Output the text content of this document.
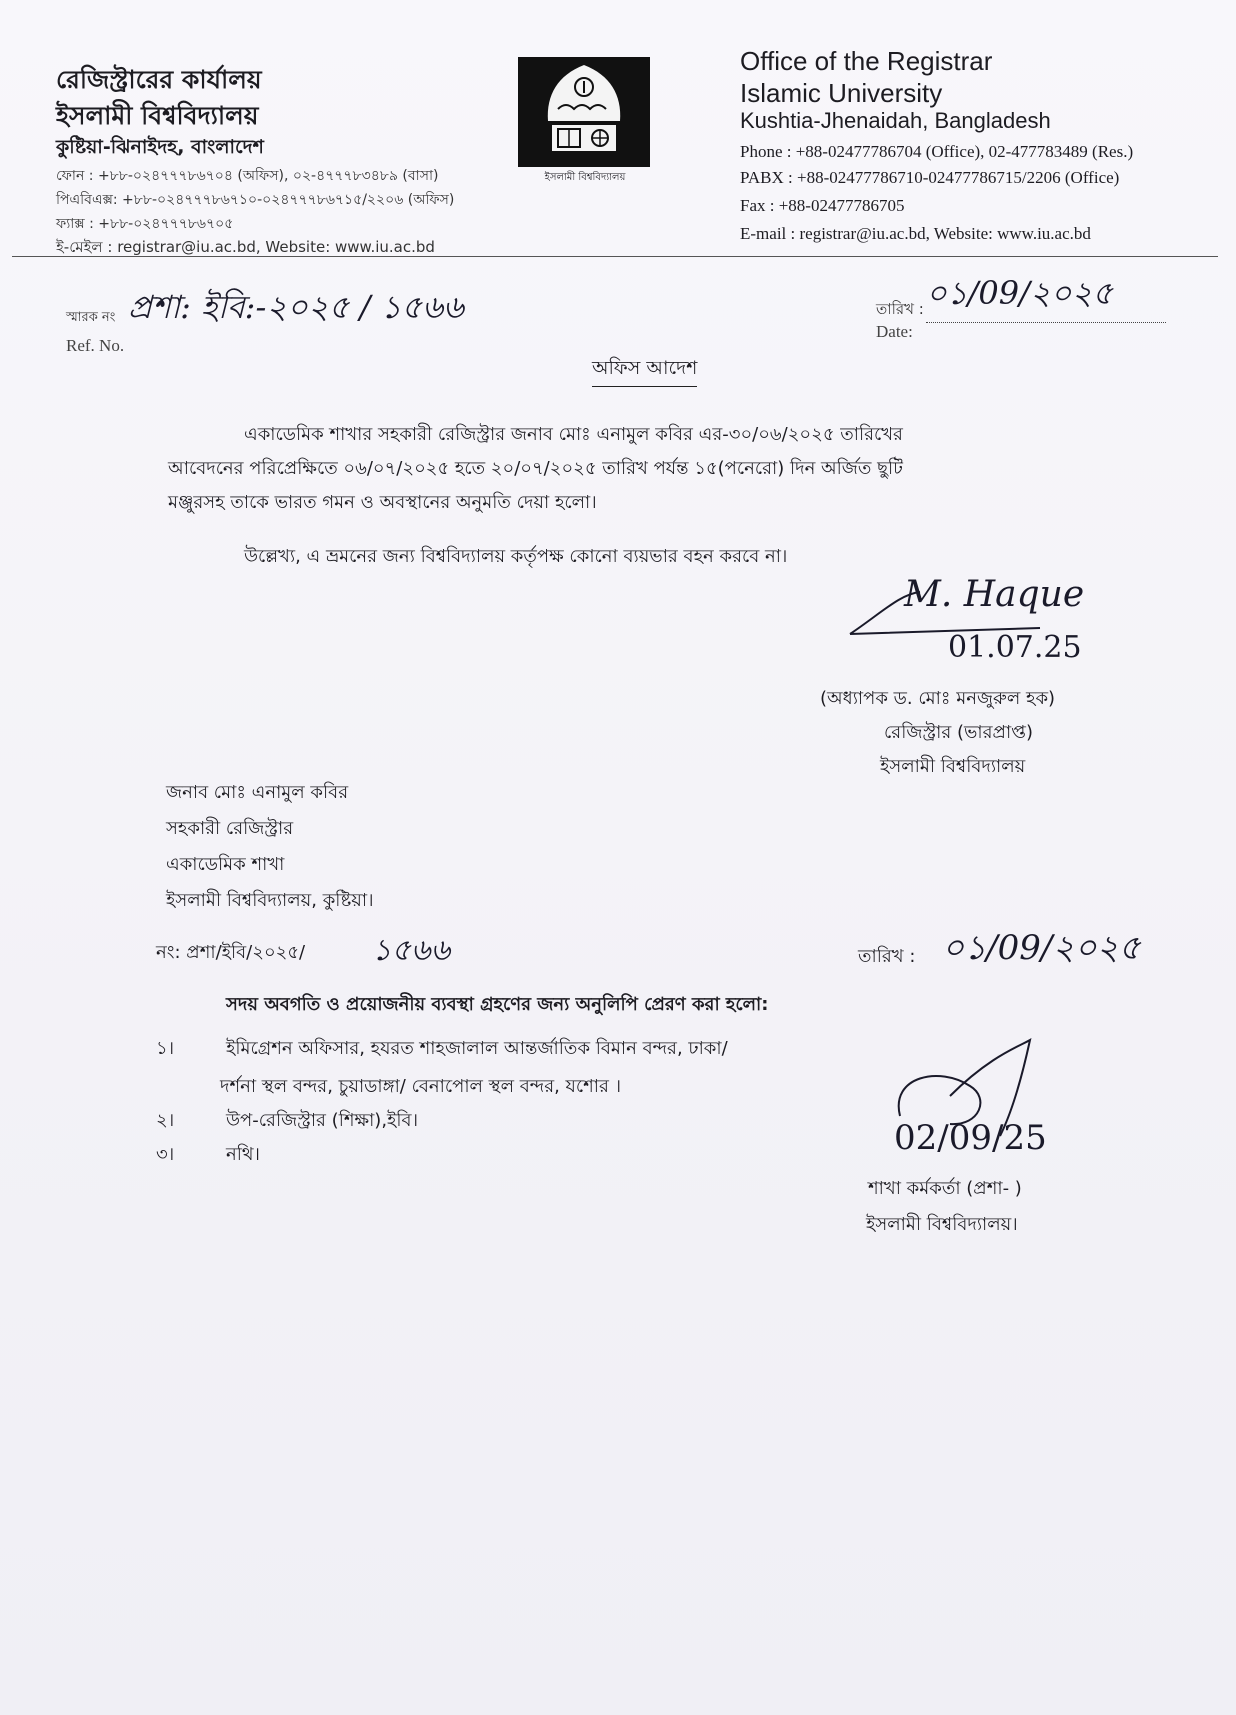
রেজিস্ট্রারের কার্যালয়
ইসলামী বিশ্ববিদ্যালয়
কুষ্টিয়া-ঝিনাইদহ, বাংলাদেশ
ফোন : +৮৮-০২৪৭৭৭৮৬৭০৪ (অফিস), ০২-৪৭৭৭৮৩৪৮৯ (বাসা)
পিএবিএক্স: +৮৮-০২৪৭৭৭৮৬৭১০-০২৪৭৭৭৮৬৭১৫/২২০৬ (অফিস)
ফ্যাক্স : +৮৮-০২৪৭৭৭৮৬৭০৫
ই-মেইল : registrar@iu.ac.bd, Website: www.iu.ac.bd
ইসলামী বিশ্ববিদ্যালয়
Office of the Registrar
Islamic University
Kushtia-Jhenaidah, Bangladesh
Phone : +88-02477786704 (Office), 02-477783489 (Res.)
PABX : +88-02477786710-02477786715/2206 (Office)
Fax : +88-02477786705
E-mail : registrar@iu.ac.bd, Website: www.iu.ac.bd
স্মারক নং
Ref. No.
প্রশা: ইবি:-২০২৫ / ১৫৬৬	তারিখ :
Date:
০১/09/২০২৫
অফিস আদেশ
একাডেমিক শাখার সহকারী রেজিস্ট্রার জনাব মোঃ এনামুল কবির এর-৩০/০৬/২০২৫ তারিখের
আবেদনের পরিপ্রেক্ষিতে ০৬/০৭/২০২৫ হতে ২০/০৭/২০২৫ তারিখ পর্যন্ত ১৫(পনেরো) দিন অর্জিত ছুটি
মঞ্জুরসহ তাকে ভারত গমন ও অবস্থানের অনুমতি দেয়া হলো।
উল্লেখ্য, এ ভ্রমনের জন্য বিশ্ববিদ্যালয় কর্তৃপক্ষ কোনো ব্যয়ভার বহন করবে না।
M. Haque
01.07.25
(অধ্যাপক ড. মোঃ মনজুরুল হক)
রেজিস্ট্রার (ভারপ্রাপ্ত)
ইসলামী বিশ্ববিদ্যালয়
জনাব মোঃ এনামুল কবির
সহকারী রেজিস্ট্রার
একাডেমিক শাখা
ইসলামী বিশ্ববিদ্যালয়, কুষ্টিয়া।
নং: প্রশা/ইবি/২০২৫/ ১৫৬৬	তারিখ : ০১/09/২০২৫
সদয় অবগতি ও প্রয়োজনীয় ব্যবস্থা গ্রহণের জন্য অনুলিপি প্রেরণ করা হলো:
১।	ইমিগ্রেশন অফিসার, হযরত শাহজালাল আন্তর্জাতিক বিমান বন্দর, ঢাকা/
দর্শনা স্থল বন্দর, চুয়াডাঙ্গা/ বেনাপোল স্থল বন্দর, যশোর ।
২।	উপ-রেজিস্ট্রার (শিক্ষা),ইবি।
৩।	নথি।	02/09/25
শাখা কর্মকর্তা (প্রশা- )
ইসলামী বিশ্ববিদ্যালয়।
